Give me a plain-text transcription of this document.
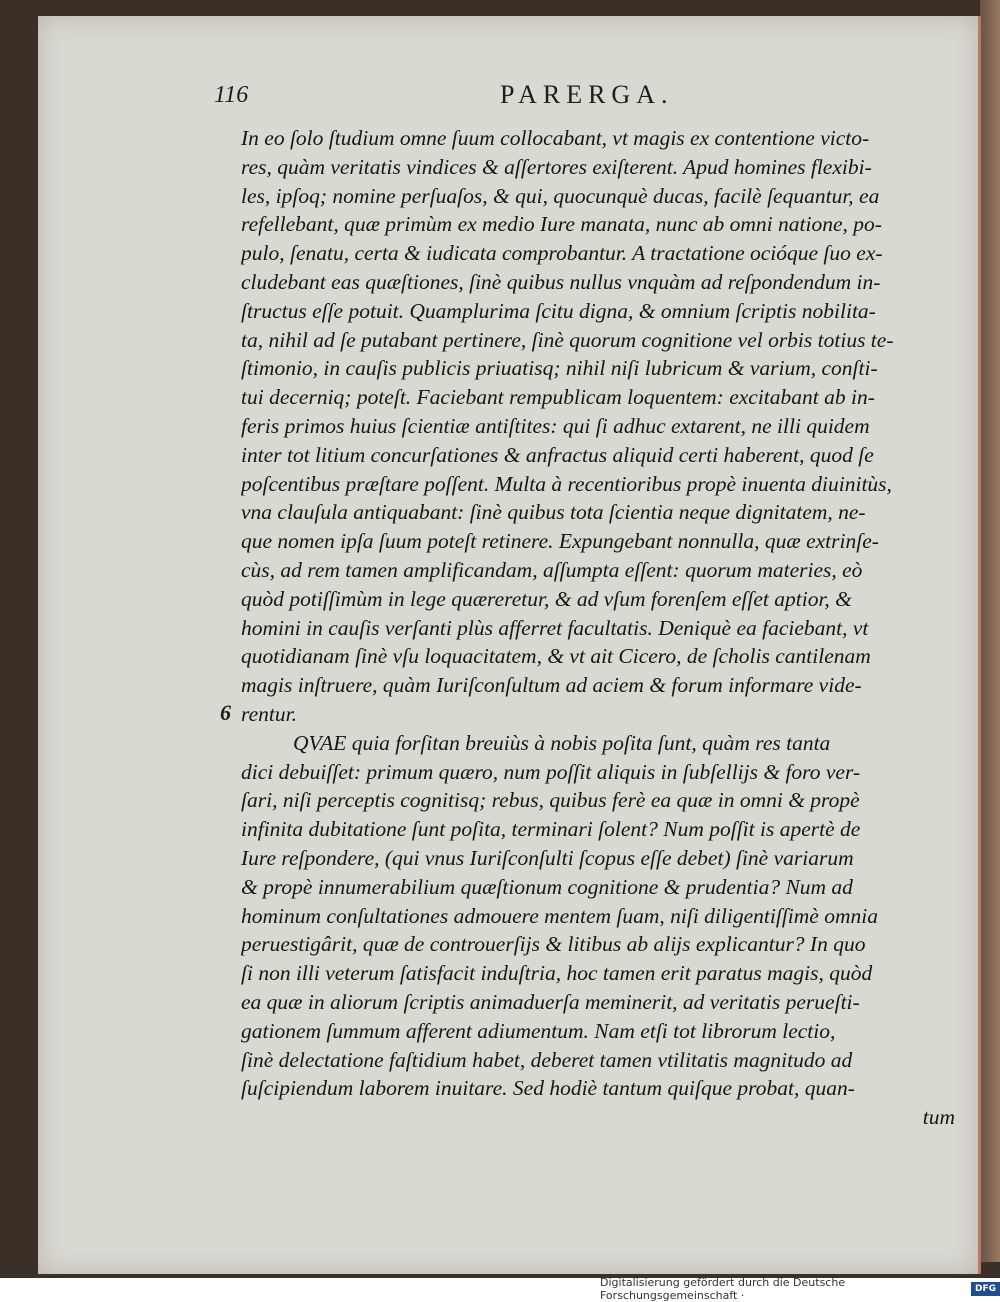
116	PARERGA.
6
In eo ſolo ſtudium omne ſuum collocabant, vt magis ex contentione victo-
res, quàm veritatis vindices & aſſertores exiſterent. Apud homines flexibi-
les, ipſoq; nomine perſuaſos, & qui, quocunquè ducas, facilè ſequantur, ea
refellebant, quæ primùm ex medio Iure manata, nunc ab omni natione, po-
pulo, ſenatu, certa & iudicata comprobantur. A tractatione ocióque ſuo ex-
cludebant eas quæſtiones, ſinè quibus nullus vnquàm ad reſpondendum in-
ſtructus eſſe potuit. Quamplurima ſcitu digna, & omnium ſcriptis nobilita-
ta, nihil ad ſe putabant pertinere, ſinè quorum cognitione vel orbis totius te-
ſtimonio, in cauſis publicis priuatisq; nihil niſi lubricum & varium, conſti-
tui decerniq; poteſt. Faciebant rempublicam loquentem: excitabant ab in-
feris primos huius ſcientiæ antiſtites: qui ſi adhuc extarent, ne illi quidem
inter tot litium concurſationes & anfractus aliquid certi haberent, quod ſe
poſcentibus præſtare poſſent. Multa à recentioribus propè inuenta diuinitùs,
vna clauſula antiquabant: ſinè quibus tota ſcientia neque dignitatem, ne-
que nomen ipſa ſuum poteſt retinere. Expungebant nonnulla, quæ extrinſe-
cùs, ad rem tamen amplificandam, aſſumpta eſſent: quorum materies, eò
quòd potiſſimùm in lege quæreretur, & ad vſum forenſem eſſet aptior, &
homini in cauſis verſanti plùs afferret facultatis. Deniquè ea faciebant, vt
quotidianam ſinè vſu loquacitatem, & vt ait Cicero, de ſcholis cantilenam
magis inſtruere, quàm Iuriſconſultum ad aciem & forum informare vide-
rentur.
QVAE quia forſitan breuiùs à nobis poſita ſunt, quàm res tanta
dici debuiſſet: primum quæro, num poſſit aliquis in ſubſellijs & foro ver-
ſari, niſi perceptis cognitisq; rebus, quibus ferè ea quæ in omni & propè
infinita dubitatione ſunt poſita, terminari ſolent? Num poſſit is apertè de
Iure reſpondere, (qui vnus Iuriſconſulti ſcopus eſſe debet) ſinè variarum
& propè innumerabilium quæſtionum cognitione & prudentia? Num ad
hominum conſultationes admouere mentem ſuam, niſi diligentiſſimè omnia
peruestigârit, quæ de controuerſijs & litibus ab alijs explicantur? In quo
ſi non illi veterum ſatisfacit induſtria, hoc tamen erit paratus magis, quòd
ea quæ in aliorum ſcriptis animaduerſa meminerit, ad veritatis perueſti-
gationem ſummum afferent adiumentum. Nam etſi tot librorum lectio,
ſinè delectatione faſtidium habet, deberet tamen vtilitatis magnitudo ad
ſuſcipiendum laborem inuitare. Sed hodiè tantum quiſque probat, quan-
tum
Digitalisierung gefördert durch die Deutsche Forschungsgemeinschaft ·	DFG
